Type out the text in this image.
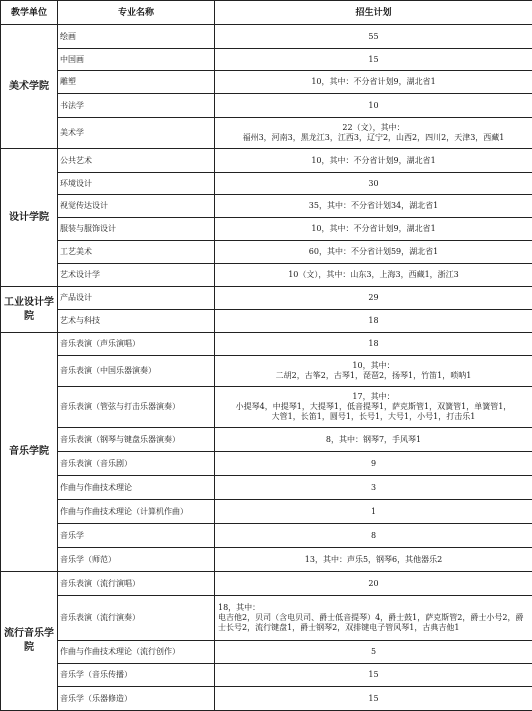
教学单位	专业名称	招生计划
美术学院	绘画	55
	中国画	15
	雕塑	10，其中：不分省计划9，湖北省1
	书法学	10
	美术学	22（文），其中：
福州3，河南3，黑龙江3，江西3，辽宁2，山西2，四川2，天津3，西藏1
设计学院	公共艺术	10，其中：不分省计划9，湖北省1
	环境设计	30
	视觉传达设计	35，其中：不分省计划34，湖北省1
	服装与服饰设计	10，其中：不分省计划9，湖北省1
	工艺美术	60，其中：不分省计划59，湖北省1
	艺术设计学	10（文），其中：山东3，上海3，西藏1，浙江3
工业设计学院	产品设计	29
	艺术与科技	18
音乐学院	音乐表演（声乐演唱）	18
	音乐表演（中国乐器演奏）	10，其中：
二胡2，古筝2，古琴1，琵琶2，扬琴1，竹笛1，唢呐1
	音乐表演（管弦与打击乐器演奏）	17，其中：
小提琴4，中提琴1，大提琴1，低音提琴1，萨克斯管1，双簧管1，单簧管1，
大管1，长笛1，圆号1，长号1，大号1，小号1，打击乐1
	音乐表演（钢琴与键盘乐器演奏）	8，其中：钢琴7，手风琴1
	音乐表演（音乐剧）	9
	作曲与作曲技术理论	3
	作曲与作曲技术理论（计算机作曲）	1
	音乐学	8
	音乐学（师范）	13，其中：声乐5，钢琴6，其他器乐2
流行音乐学院	音乐表演（流行演唱）	20
	音乐表演（流行演奏）	18，其中：
电吉他2，贝司（含电贝司、爵士低音提琴）4，爵士鼓1，萨克斯管2，爵士小号2，爵士长号2，流行键盘1，爵士钢琴2，双排键电子管风琴1，古典吉他1
	作曲与作曲技术理论（流行创作）	5
	音乐学（音乐传播）	15
	音乐学（乐器修造）	15
